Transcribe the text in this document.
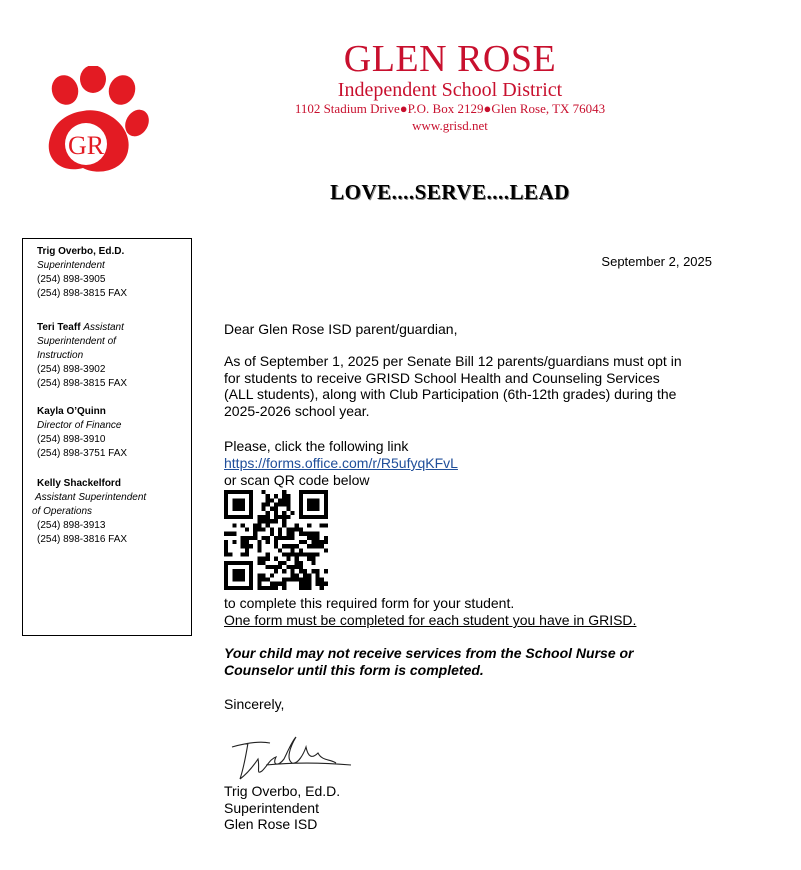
GR
GLEN ROSE
Independent School District
1102 Stadium Drive●P.O. Box 2129●Glen Rose, TX 76043
www.grisd.net
LOVE....SERVE....LEAD
Trig Overbo, Ed.D.
Superintendent
(254) 898-3905
(254) 898-3815 FAX
Teri Teaff Assistant
Superintendent of
Instruction
(254) 898-3902
(254) 898-3815 FAX
Kayla O’Quinn
Director of Finance
(254) 898-3910
(254) 898-3751 FAX
Kelly Shackelford
Assistant Superintendent
of Operations
(254) 898-3913
(254) 898-3816 FAX
September 2, 2025
Dear Glen Rose ISD parent/guardian,
As of September 1, 2025 per Senate Bill 12 parents/guardians must opt in
for students to receive GRISD School Health and Counseling Services
(ALL students), along with Club Participation (6th-12th grades) during the
2025-2026 school year.
Please, click the following link
https://forms.office.com/r/R5ufyqKFvL
or scan QR code below
to complete this required form for your student.
One form must be completed for each student you have in GRISD.
Your child may not receive services from the School Nurse or
Counselor until this form is completed.
Sincerely,
Trig Overbo, Ed.D.
Superintendent
Glen Rose ISD
